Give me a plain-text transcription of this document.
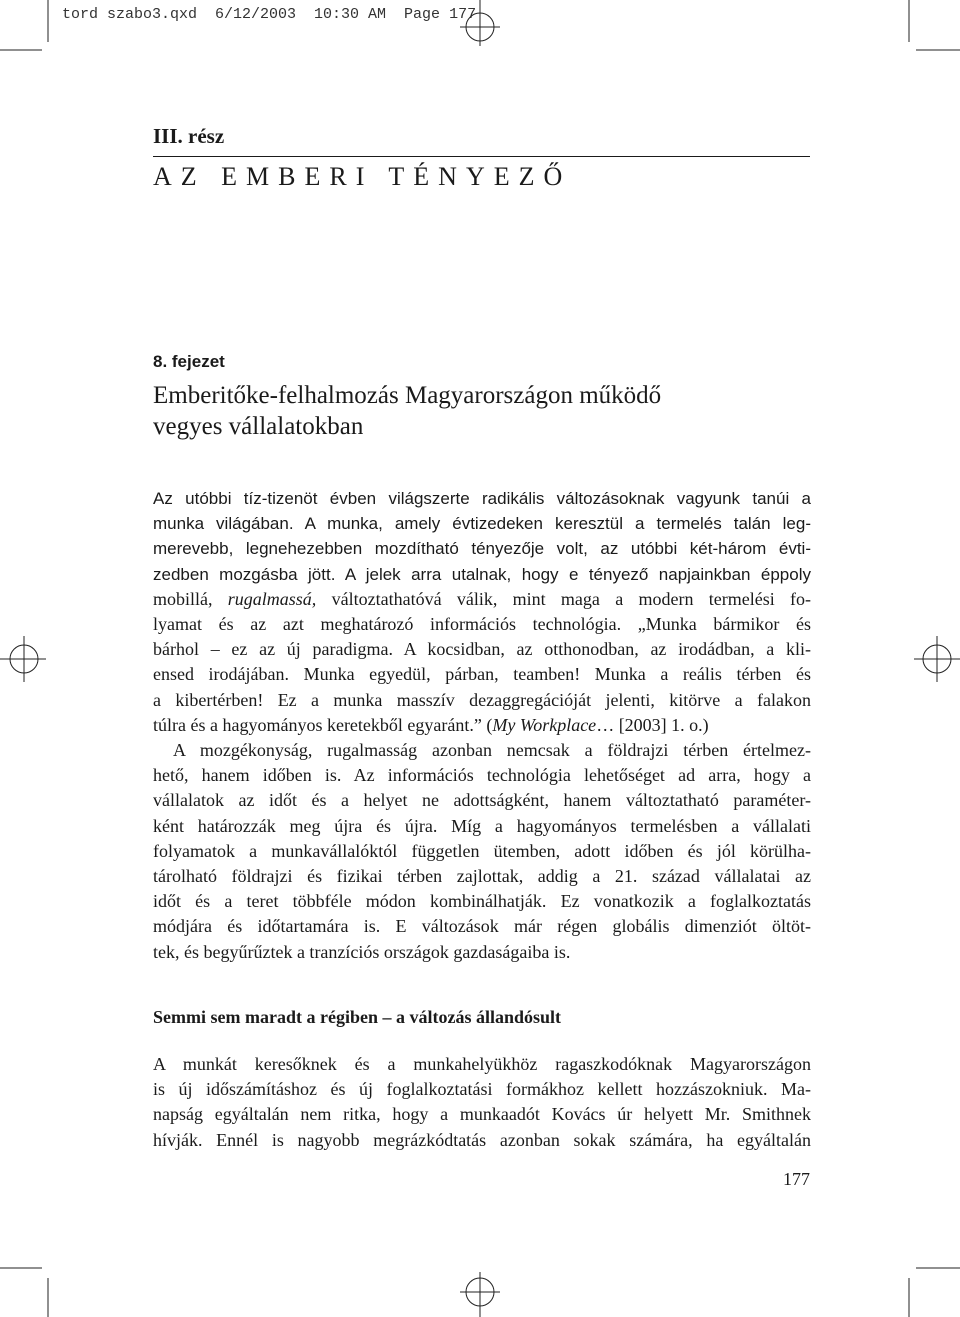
tord szabo3.qxd  6/12/2003  10:30 AM  Page 177
III. rész
AZ EMBERI TÉNYEZŐ
8. fejezet
Emberitőke-felhalmozás Magyarországon működő
vegyes vállalatokban
Az utóbbi tíz-tizenöt évben világszerte radikális változásoknak vagyunk tanúi a
munka világában. A munka, amely évtizedeken keresztül a termelés talán leg-
merevebb, legnehezebben mozdítható tényezője volt, az utóbbi két-három évti-
zedben mozgásba jött. A jelek arra utalnak, hogy e tényező napjainkban éppoly
mobillá, rugalmassá, változtathatóvá válik, mint maga a modern termelési fo-
lyamat és az azt meghatározó információs technológia. „Munka bármikor és
bárhol – ez az új paradigma. A kocsidban, az otthonodban, az irodádban, a kli-
ensed irodájában. Munka egyedül, párban, teamben! Munka a reális térben és
a kibertérben! Ez a munka masszív dezaggregációját jelenti, kitörve a falakon
túlra és a hagyományos keretekből egyaránt.” (My Workplace… [2003] 1. o.)
A mozgékonyság, rugalmasság azonban nemcsak a földrajzi térben értelmez-
hető, hanem időben is. Az információs technológia lehetőséget ad arra, hogy a
vállalatok az időt és a helyet ne adottságként, hanem változtatható paraméter-
ként határozzák meg újra és újra. Míg a hagyományos termelésben a vállalati
folyamatok a munkavállalóktól független ütemben, adott időben és jól körülha-
tárolható földrajzi és fizikai térben zajlottak, addig a 21. század vállalatai az
időt és a teret többféle módon kombinálhatják. Ez vonatkozik a foglalkoztatás
módjára és időtartamára is. E változások már régen globális dimenziót öltöt-
tek, és begyűrűztek a tranzíciós országok gazdaságaiba is.
Semmi sem maradt a régiben – a változás állandósult
A munkát keresőknek és a munkahelyükhöz ragaszkodóknak Magyarországon
is új időszámításhoz és új foglalkoztatási formákhoz kellett hozzászokniuk. Ma-
napság egyáltalán nem ritka, hogy a munkaadót Kovács úr helyett Mr. Smithnek
hívják. Ennél is nagyobb megrázkódtatás azonban sokak számára, ha egyáltalán
177
